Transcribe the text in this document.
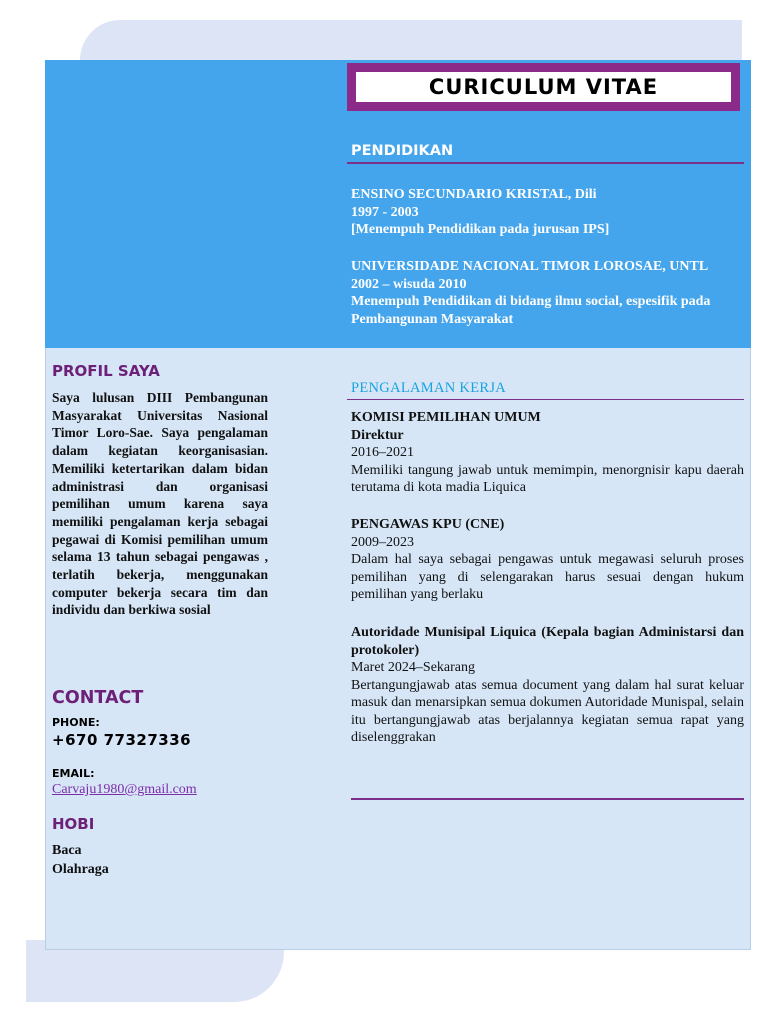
CURICULUM VITAE
PENDIDIKAN
ENSINO SECUNDARIO KRISTAL, Dili
1997 - 2003
[Menempuh Pendidikan pada jurusan IPS]
UNIVERSIDADE NACIONAL TIMOR LOROSAE, UNTL
2002 – wisuda 2010
Menempuh Pendidikan di bidang ilmu social, espesifik pada Pembangunan Masyarakat
PROFIL SAYA
Saya lulusan DIII Pembangunan Masyarakat Universitas Nasional Timor Loro-Sae. Saya pengalaman dalam kegiatan keorganisasian. Memiliki ketertarikan dalam bidan administrasi dan organisasi pemilihan umum karena saya memiliki pengalaman kerja sebagai pegawai di Komisi pemilihan umum selama 13 tahun sebagai pengawas , terlatih bekerja, menggunakan computer bekerja secara tim dan individu dan berkiwa sosial
CONTACT
PHONE:
+670 77327336
EMAIL:
Carvaju1980@gmail.com
HOBI
Baca
Olahraga
PENGALAMAN KERJA
KOMISI PEMILIHAN UMUM
Direktur
2016–2021
Memiliki tangung jawab untuk memimpin, menorgnisir kapu daerah terutama di kota madia Liquica
PENGAWAS KPU (CNE)
2009–2023
Dalam hal saya sebagai pengawas untuk megawasi seluruh proses pemilihan yang di selengarakan harus sesuai dengan hukum pemilihan yang berlaku
Autoridade Munisipal Liquica (Kepala bagian Administarsi dan protokoler)
Maret 2024–Sekarang
Bertangungjawab atas semua document yang dalam hal surat keluar masuk dan menarsipkan semua dokumen Autoridade Munispal, selain itu bertangungjawab atas berjalannya kegiatan semua rapat yang diselenggrakan
